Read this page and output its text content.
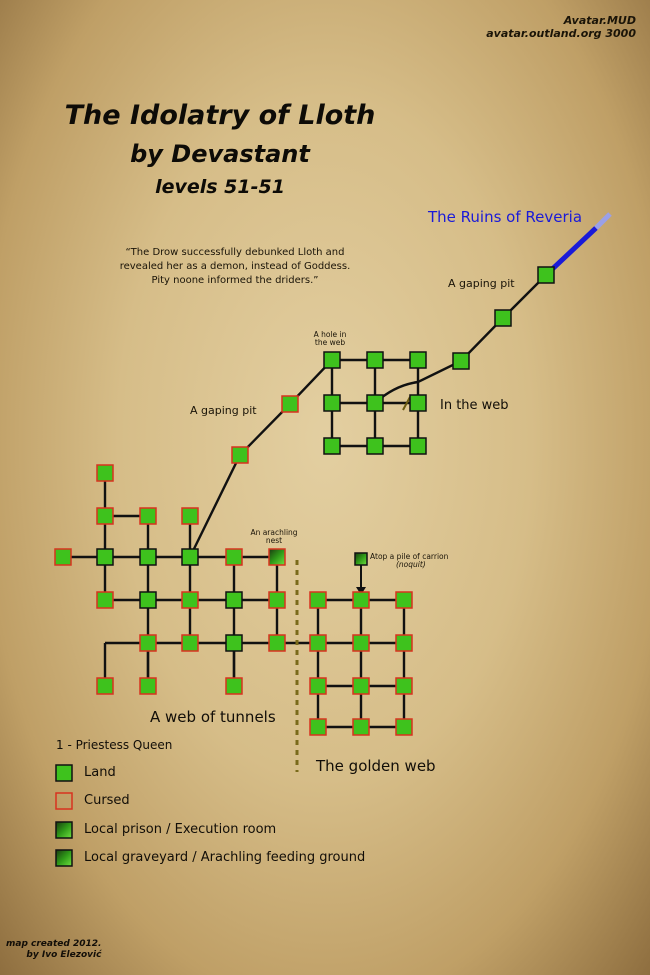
Avatar.MUD
avatar.outland.org 3000
The Idolatry of Lloth
by Devastant
levels 51-51
“The Drow successfully debunked Lloth and
revealed her as a demon, instead of Goddess.
Pity noone informed the driders.”
The Ruins of Reveria
A gaping pit
A gaping pit
A hole in
the web
In the web
An arachling
nest
Atop a pile of carrion
(noquit)
A web of tunnels
The golden web
1 - Priestess Queen
Land
Cursed
Local prison / Execution room
Local graveyard / Arachling feeding ground
map created 2012.
by Ivo Elezović
